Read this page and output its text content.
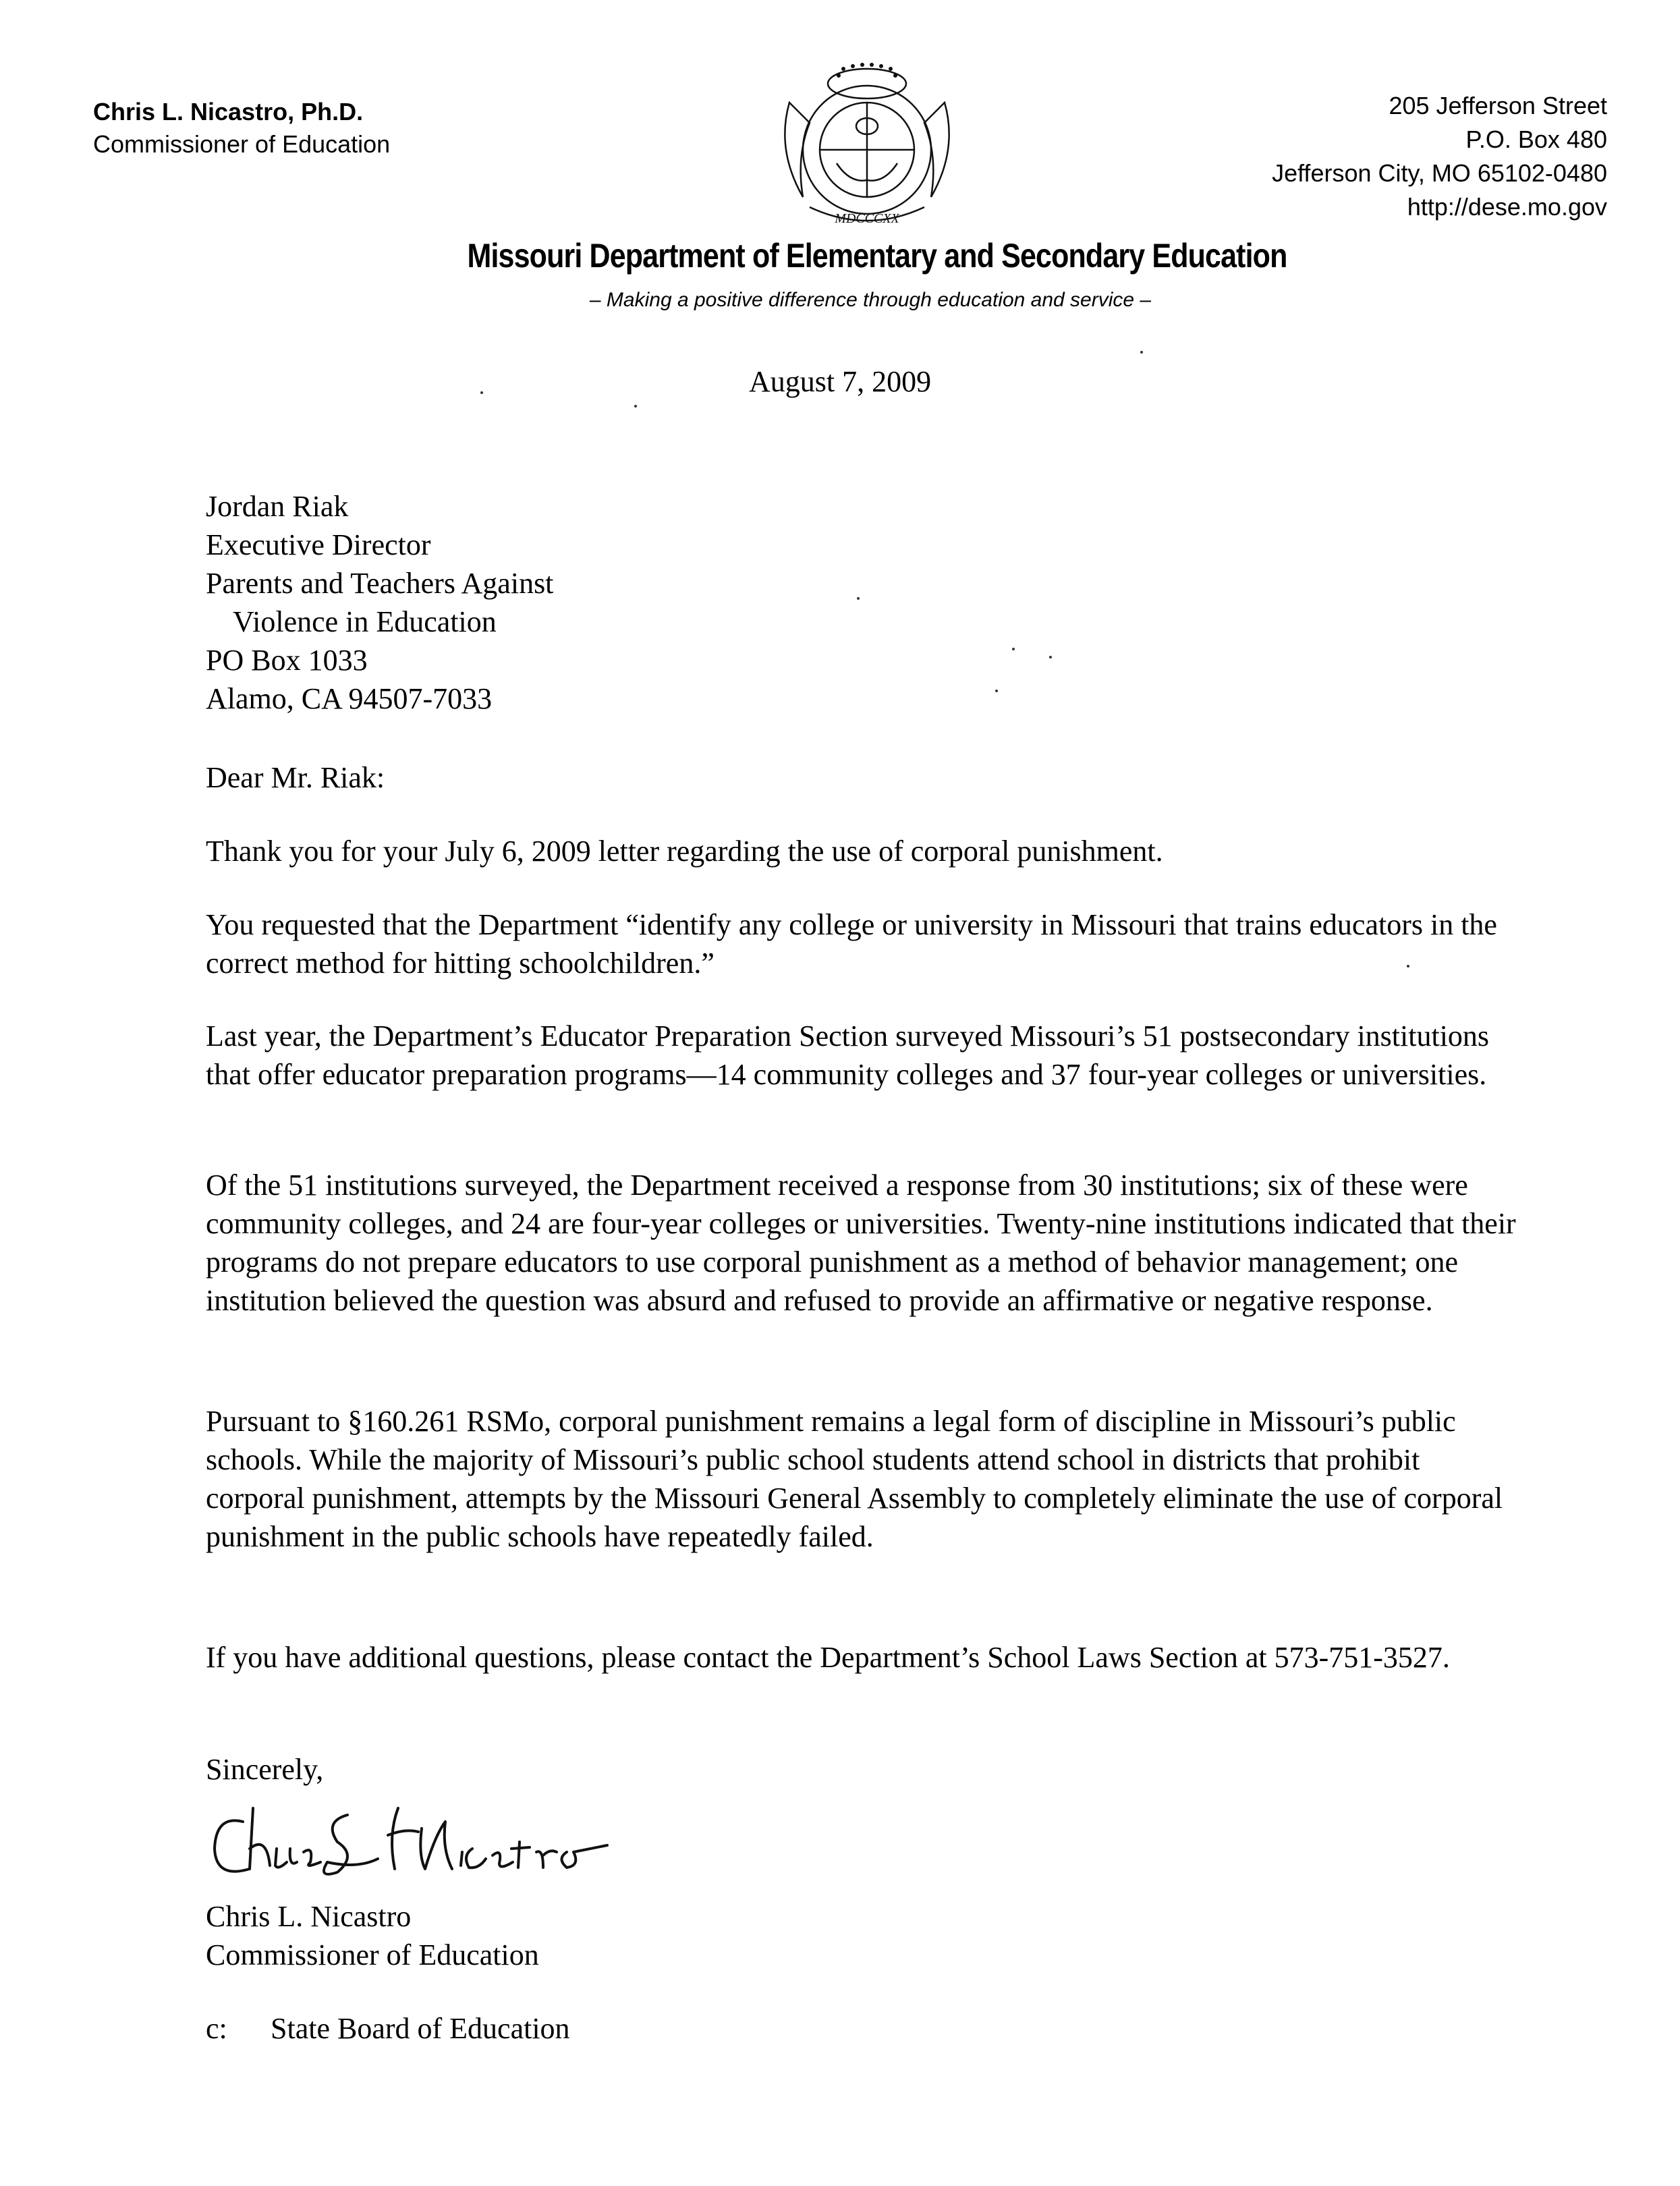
Chris L. Nicastro, Ph.D.
Commissioner of Education
MDCCCXX
205 Jefferson Street
P.O. Box 480
Jefferson City, MO 65102-0480
http://dese.mo.gov
Missouri Department of Elementary and Secondary Education
– Making a positive difference through education and service –
August 7, 2009
Jordan Riak
Executive Director
Parents and Teachers Against
Violence in Education
PO Box 1033
Alamo, CA 94507-7033
Dear Mr. Riak:
Thank you for your July 6, 2009 letter regarding the use of corporal punishment.
You requested that the Department “identify any college or university in Missouri that trains educators in the correct method for hitting schoolchildren.”
Last year, the Department’s Educator Preparation Section surveyed Missouri’s 51 postsecondary institutions that offer educator preparation programs—14 community colleges and 37 four-year colleges or universities.
Of the 51 institutions surveyed, the Department received a response from 30 institutions; six of these were community colleges, and 24 are four-year colleges or universities. Twenty-nine institutions indicated that their programs do not prepare educators to use corporal punishment as a method of behavior management; one institution believed the question was absurd and refused to provide an affirmative or negative response.
Pursuant to §160.261 RSMo, corporal punishment remains a legal form of discipline in Missouri’s public schools. While the majority of Missouri’s public school students attend school in districts that prohibit corporal punishment, attempts by the Missouri General Assembly to completely eliminate the use of corporal punishment in the public schools have repeatedly failed.
If you have additional questions, please contact the Department’s School Laws Section at 573-751-3527.
Sincerely,
Chris L. Nicastro
Commissioner of Education
c: State Board of Education
